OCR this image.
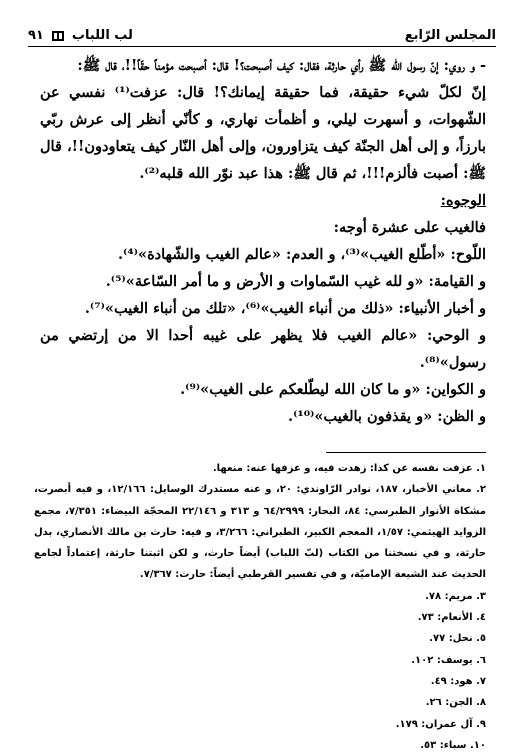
المجلس الرّابع
لب اللباب
٩١

- و روي: إنّ رسول الله ﷺ رأي حارثة، فقال: كيف أصبحت؟! قال: أصبحت مؤمناً حقّاً!!، قال ﷺ:

إنّ لكلّ شيء حقيقة، فما حقيقة إيمانك؟! قال: عزفت⁽¹⁾ نفسي عن الشّهوات، و أسهرت ليلي، و أظمأت نهاري، و كأنّي أنظر إلى عرش ربّي بارزاً، و إلى أهل الجنّة كيف يتزاورون، وإلى أهل النّار كيف يتعاودون!!، قال ﷺ: أصبت فألزم!!!، ثم قال ﷺ: هذا عبد نوّر الله قلبه⁽²⁾.

الوجوه:

فالغيب على عشرة أوجه:

اللّوح: «أطّلع الغيب»⁽³⁾، و العدم: «عالم الغيب والشّهادة»⁽⁴⁾.

و القيامة: «و لله غيب السّماوات و الأرض و ما أمر السّاعة»⁽⁵⁾.

و أخبار الأنبياء: «ذلك من أنباء الغيب»⁽⁶⁾، «تلك من أنباء الغيب»⁽⁷⁾.

و الوحي: «عالم الغيب فلا يظهر على غيبه أحدا الا من إرتضي من رسول»⁽⁸⁾.

و الكواين: «و ما كان الله ليطّلعكم على الغيب»⁽⁹⁾.

و الظن: «و يقذفون بالغيب»⁽¹⁰⁾.

١. عزفت نفسه عن كذا: زهدت فيه، و عزفها عنه: منعها.

٢. معاني الأخبار، ١٨٧، نوادر الرّاوندي: ٢٠، و عنه مستدرك الوسايل: ١٢/١٦٦، و فيه أبصرت، مشكاة الأنوار الطبرسي: ٨٤، البحار: ٦٤/٢٩٩٩ و ٣١٣ و ٢٢/١٤٦ المحجّة البيضاء: ٧/٣٥١، مجمع الزوايد الهيثمي: ١/٥٧، المعجم الكبير، الطبراني: ٣/٢٦٦، و فيه: حارث بن مالك الأنصاري، بدل حارثة، و في نسختنا من الكتاب (لبّ اللباب) أيضاً حارث، و لكن اثبتنا حارثة، إعتماداً لجامع الحديث عند الشيعة الإماميّة، و في تفسير القرطبي أيضاً: حارث: ٧/٣٦٧.

٣. مريم: ٧٨.

٤. الأنعام: ٧٣.

٥. نحل: ٧٧.

٦. يوسف: ١٠٢.

٧. هود: ٤٩.

٨. الجن: ٢٦.

٩. آل عمران: ١٧٩.

١٠. سباء: ٥٣.
